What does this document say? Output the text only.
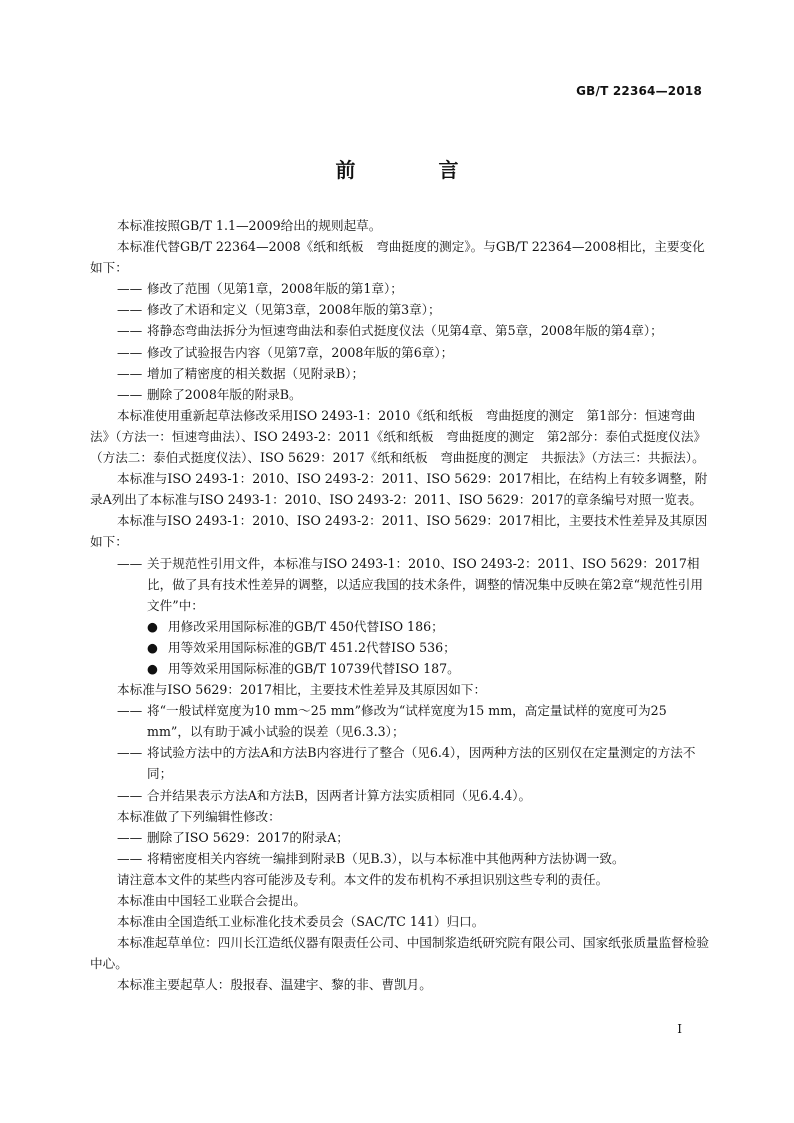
GB/T 22364—2018
前 言

本标准按照GB/T 1.1—2009给出的规则起草。

本标准代替GB/T 22364—2008《纸和纸板　弯曲挺度的测定》。与GB/T 22364—2008相比，主要变化如下：

—— 修改了范围（见第1章，2008年版的第1章）；

—— 修改了术语和定义（见第3章，2008年版的第3章）；

—— 将静态弯曲法拆分为恒速弯曲法和泰伯式挺度仪法（见第4章、第5章，2008年版的第4章）；

—— 修改了试验报告内容（见第7章，2008年版的第6章）；

—— 增加了精密度的相关数据（见附录B）；

—— 删除了2008年版的附录B。

本标准使用重新起草法修改采用ISO 2493-1：2010《纸和纸板　弯曲挺度的测定　第1部分：恒速弯曲法》（方法一：恒速弯曲法）、ISO 2493-2：2011《纸和纸板　弯曲挺度的测定　第2部分：泰伯式挺度仪法》（方法二：泰伯式挺度仪法）、ISO 5629：2017《纸和纸板　弯曲挺度的测定　共振法》（方法三：共振法）。

本标准与ISO 2493-1：2010、ISO 2493-2：2011、ISO 5629：2017相比，在结构上有较多调整，附录A列出了本标准与ISO 2493-1：2010、ISO 2493-2：2011、ISO 5629：2017的章条编号对照一览表。

本标准与ISO 2493-1：2010、ISO 2493-2：2011、ISO 5629：2017相比，主要技术性差异及其原因如下：

—— 关于规范性引用文件，本标准与ISO 2493-1：2010、ISO 2493-2：2011、ISO 5629：2017相比，做了具有技术性差异的调整，以适应我国的技术条件，调整的情况集中反映在第2章“规范性引用文件”中：

● 用修改采用国际标准的GB/T 450代替ISO 186；

● 用等效采用国际标准的GB/T 451.2代替ISO 536；

● 用等效采用国际标准的GB/T 10739代替ISO 187。

本标准与ISO 5629：2017相比，主要技术性差异及其原因如下：

—— 将“一般试样宽度为10 mm～25 mm”修改为“试样宽度为15 mm，高定量试样的宽度可为25 mm”，以有助于减小试验的误差（见6.3.3）；

—— 将试验方法中的方法A和方法B内容进行了整合（见6.4），因两种方法的区别仅在定量测定的方法不同；

—— 合并结果表示方法A和方法B，因两者计算方法实质相同（见6.4.4）。

本标准做了下列编辑性修改：

—— 删除了ISO 5629：2017的附录A；

—— 将精密度相关内容统一编排到附录B（见B.3），以与本标准中其他两种方法协调一致。

请注意本文件的某些内容可能涉及专利。本文件的发布机构不承担识别这些专利的责任。

本标准由中国轻工业联合会提出。

本标准由全国造纸工业标准化技术委员会（SAC/TC 141）归口。

本标准起草单位：四川长江造纸仪器有限责任公司、中国制浆造纸研究院有限公司、国家纸张质量监督检验中心。

本标准主要起草人：殷报春、温建宇、黎的非、曹凯月。

I
